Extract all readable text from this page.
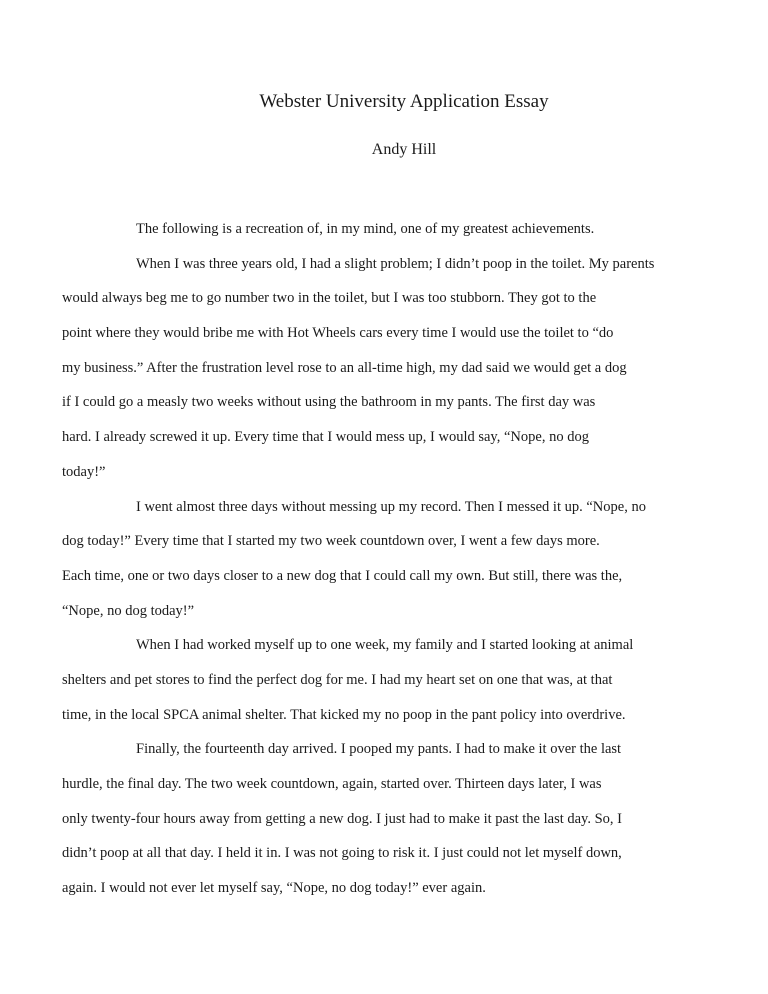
Webster University Application Essay
Andy Hill
The following is a recreation of, in my mind, one of my greatest achievements.
When I was three years old, I had a slight problem; I didn’t poop in the toilet. My parents
would always beg me to go number two in the toilet, but I was too stubborn. They got to the
point where they would bribe me with Hot Wheels cars every time I would use the toilet to “do
my business.” After the frustration level rose to an all-time high, my dad said we would get a dog
if I could go a measly two weeks without using the bathroom in my pants. The first day was
hard. I already screwed it up. Every time that I would mess up, I would say, “Nope, no dog
today!”
I went almost three days without messing up my record. Then I messed it up. “Nope, no
dog today!” Every time that I started my two week countdown over, I went a few days more.
Each time, one or two days closer to a new dog that I could call my own. But still, there was the,
“Nope, no dog today!”
When I had worked myself up to one week, my family and I started looking at animal
shelters and pet stores to find the perfect dog for me. I had my heart set on one that was, at that
time, in the local SPCA animal shelter. That kicked my no poop in the pant policy into overdrive.
Finally, the fourteenth day arrived. I pooped my pants. I had to make it over the last
hurdle, the final day. The two week countdown, again, started over. Thirteen days later, I was
only twenty-four hours away from getting a new dog. I just had to make it past the last day. So, I
didn’t poop at all that day. I held it in. I was not going to risk it. I just could not let myself down,
again. I would not ever let myself say, “Nope, no dog today!” ever again.
